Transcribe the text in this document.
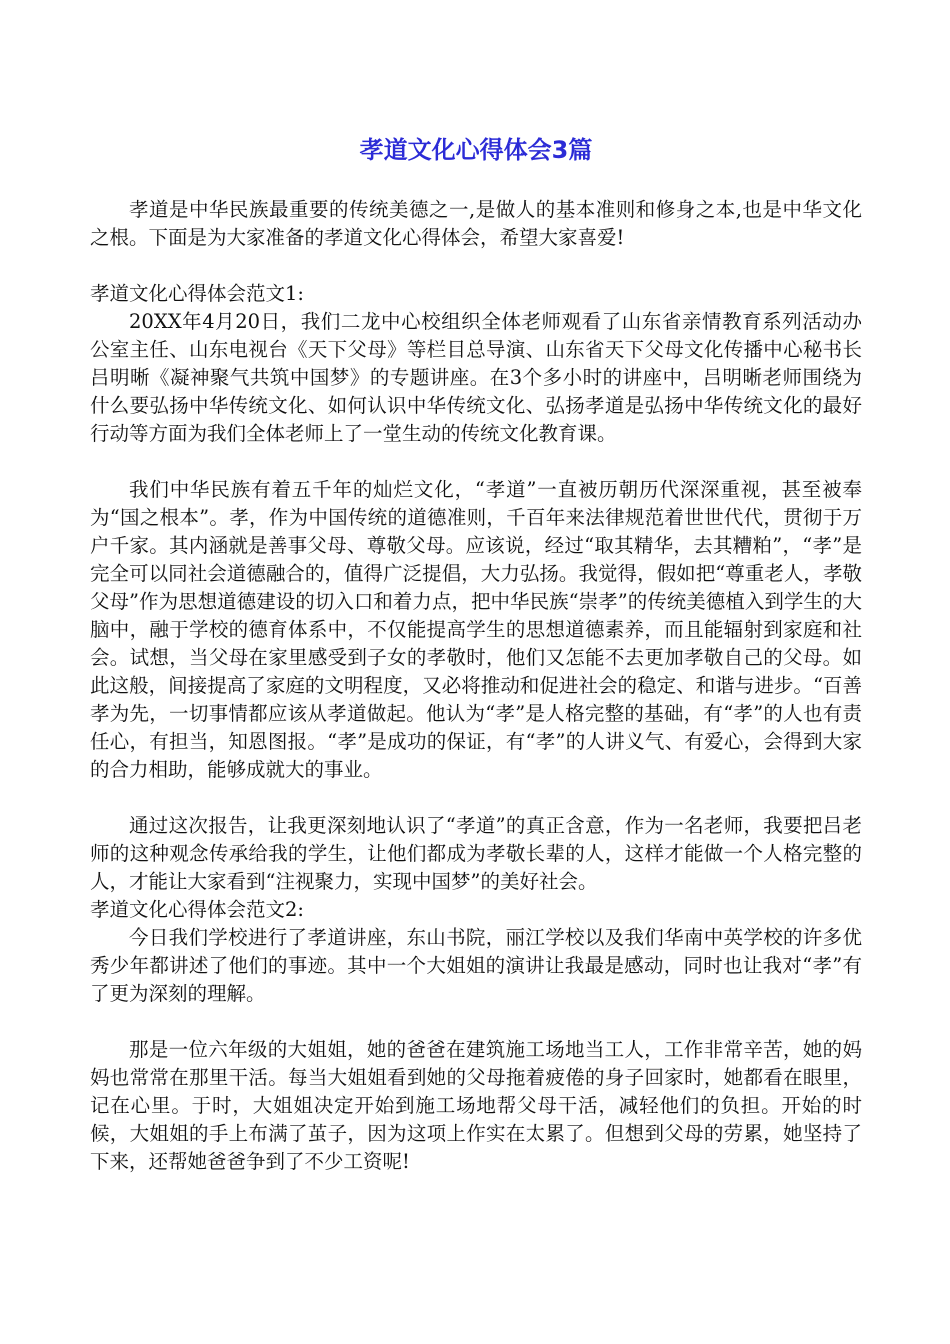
孝道文化心得体会3篇

孝道是中华民族最重要的传统美德之一,是做人的基本准则和修身之本,也是中华文化之根。下面是为大家准备的孝道文化心得体会，希望大家喜爱!

孝道文化心得体会范文1:

20XX年4月20日，我们二龙中心校组织全体老师观看了山东省亲情教育系列活动办公室主任、山东电视台《天下父母》等栏目总导演、山东省天下父母文化传播中心秘书长吕明晰《凝神聚气共筑中国梦》的专题讲座。在3个多小时的讲座中，吕明晰老师围绕为什么要弘扬中华传统文化、如何认识中华传统文化、弘扬孝道是弘扬中华传统文化的最好行动等方面为我们全体老师上了一堂生动的传统文化教育课。

我们中华民族有着五千年的灿烂文化，“孝道”一直被历朝历代深深重视，甚至被奉为“国之根本”。孝，作为中国传统的道德准则，千百年来法律规范着世世代代，贯彻于万户千家。其内涵就是善事父母、尊敬父母。应该说，经过“取其精华，去其糟粕”，“孝”是完全可以同社会道德融合的，值得广泛提倡，大力弘扬。我觉得，假如把“尊重老人，孝敬父母”作为思想道德建设的切入口和着力点，把中华民族“崇孝”的传统美德植入到学生的大脑中，融于学校的德育体系中，不仅能提高学生的思想道德素养，而且能辐射到家庭和社会。试想，当父母在家里感受到子女的孝敬时，他们又怎能不去更加孝敬自己的父母。如此这般，间接提高了家庭的文明程度，又必将推动和促进社会的稳定、和谐与进步。“百善孝为先，一切事情都应该从孝道做起。他认为“孝”是人格完整的基础，有“孝”的人也有责任心，有担当，知恩图报。“孝”是成功的保证，有“孝”的人讲义气、有爱心，会得到大家的合力相助，能够成就大的事业。

通过这次报告，让我更深刻地认识了“孝道”的真正含意，作为一名老师，我要把吕老师的这种观念传承给我的学生，让他们都成为孝敬长辈的人，这样才能做一个人格完整的人，才能让大家看到“注视聚力，实现中国梦”的美好社会。

孝道文化心得体会范文2:

今日我们学校进行了孝道讲座，东山书院，丽江学校以及我们华南中英学校的许多优秀少年都讲述了他们的事迹。其中一个大姐姐的演讲让我最是感动，同时也让我对“孝”有了更为深刻的理解。

那是一位六年级的大姐姐，她的爸爸在建筑施工场地当工人，工作非常辛苦，她的妈妈也常常在那里干活。每当大姐姐看到她的父母拖着疲倦的身子回家时，她都看在眼里，记在心里。于时，大姐姐决定开始到施工场地帮父母干活，减轻他们的负担。开始的时候，大姐姐的手上布满了茧子，因为这项上作实在太累了。但想到父母的劳累，她坚持了下来，还帮她爸爸争到了不少工资呢!
